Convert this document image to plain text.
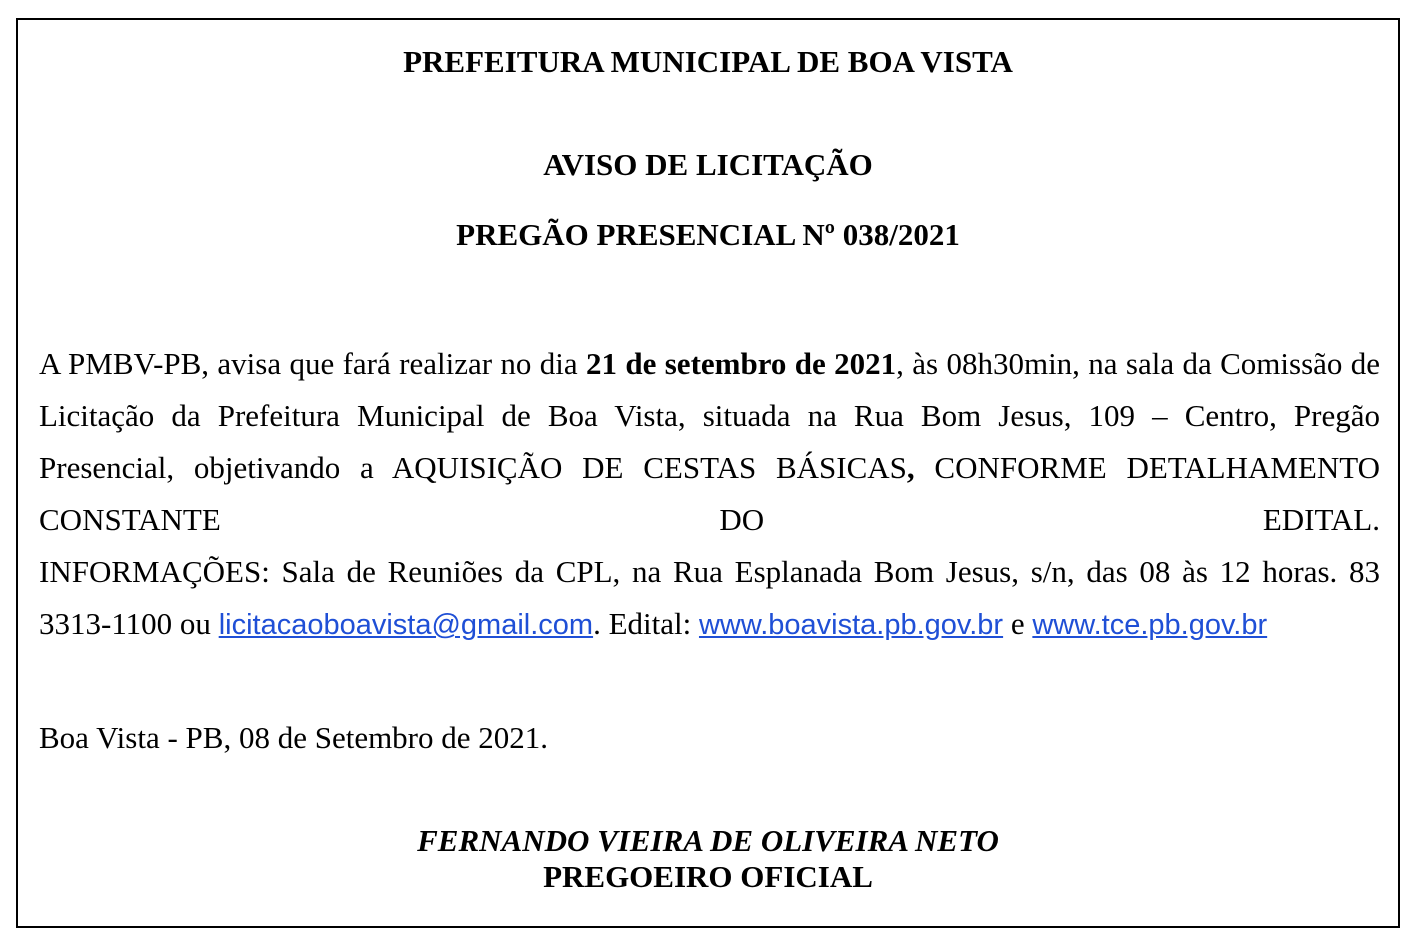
PREFEITURA MUNICIPAL DE BOA VISTA
AVISO DE LICITAÇÃO
PREGÃO PRESENCIAL Nº 038/2021
A PMBV-PB, avisa que fará realizar no dia 21 de setembro de 2021, às 08h30min, na sala da Comissão de Licitação da Prefeitura Municipal de Boa Vista, situada na Rua Bom Jesus, 109 – Centro, Pregão Presencial, objetivando a AQUISIÇÃO DE CESTAS BÁSICAS, CONFORME DETALHAMENTO CONSTANTE DO EDITAL.
INFORMAÇÕES: Sala de Reuniões da CPL, na Rua Esplanada Bom Jesus, s/n, das 08 às 12 horas. 83 3313-1100 ou licitacaoboavista@gmail.com. Edital: www.boavista.pb.gov.br e www.tce.pb.gov.br
Boa Vista - PB, 08 de Setembro de 2021.
FERNANDO VIEIRA DE OLIVEIRA NETO
PREGOEIRO OFICIAL
